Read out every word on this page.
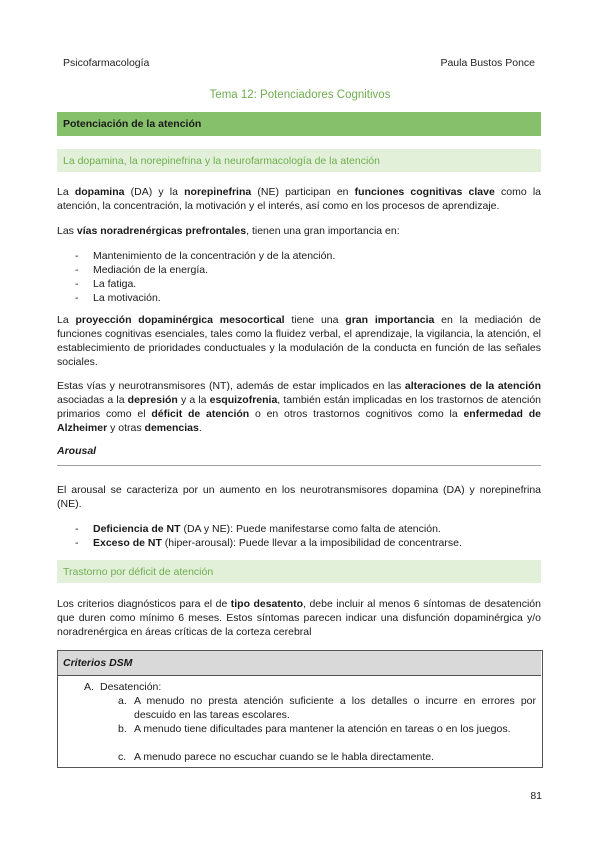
Psicofarmacología	Paula Bustos Ponce
Tema 12: Potenciadores Cognitivos
Potenciación de la atención
La dopamina, la norepinefrina y la neurofarmacología de la atención
La dopamina (DA) y la norepinefrina (NE) participan en funciones cognitivas clave como la atención, la concentración, la motivación y el interés, así como en los procesos de aprendizaje.
Las vías noradrenérgicas prefrontales, tienen una gran importancia en:
- Mantenimiento de la concentración y de la atención.
- Mediación de la energía.
- La fatiga.
- La motivación.
La proyección dopaminérgica mesocortical tiene una gran importancia en la mediación de funciones cognitivas esenciales, tales como la fluidez verbal, el aprendizaje, la vigilancia, la atención, el establecimiento de prioridades conductuales y la modulación de la conducta en función de las señales sociales.
Estas vías y neurotransmisores (NT), además de estar implicados en las alteraciones de la atención asociadas a la depresión y a la esquizofrenia, también están implicadas en los trastornos de atención primarios como el déficit de atención o en otros trastornos cognitivos como la enfermedad de Alzheimer y otras demencias.
Arousal
El arousal se caracteriza por un aumento en los neurotransmisores dopamina (DA) y norepinefrina (NE).
- Deficiencia de NT (DA y NE): Puede manifestarse como falta de atención.
- Exceso de NT (hiper-arousal): Puede llevar a la imposibilidad de concentrarse.
Trastorno por déficit de atención
Los criterios diagnósticos para el de tipo desatento, debe incluir al menos 6 síntomas de desatención que duren como mínimo 6 meses. Estos síntomas parecen indicar una disfunción dopaminérgica y/o noradrenérgica en áreas críticas de la corteza cerebral
Criterios DSM
A. Desatención:
a. A menudo no presta atención suficiente a los detalles o incurre en errores por descuido en las tareas escolares.
b. A menudo tiene dificultades para mantener la atención en tareas o en los juegos.
c. A menudo parece no escuchar cuando se le habla directamente.
81
